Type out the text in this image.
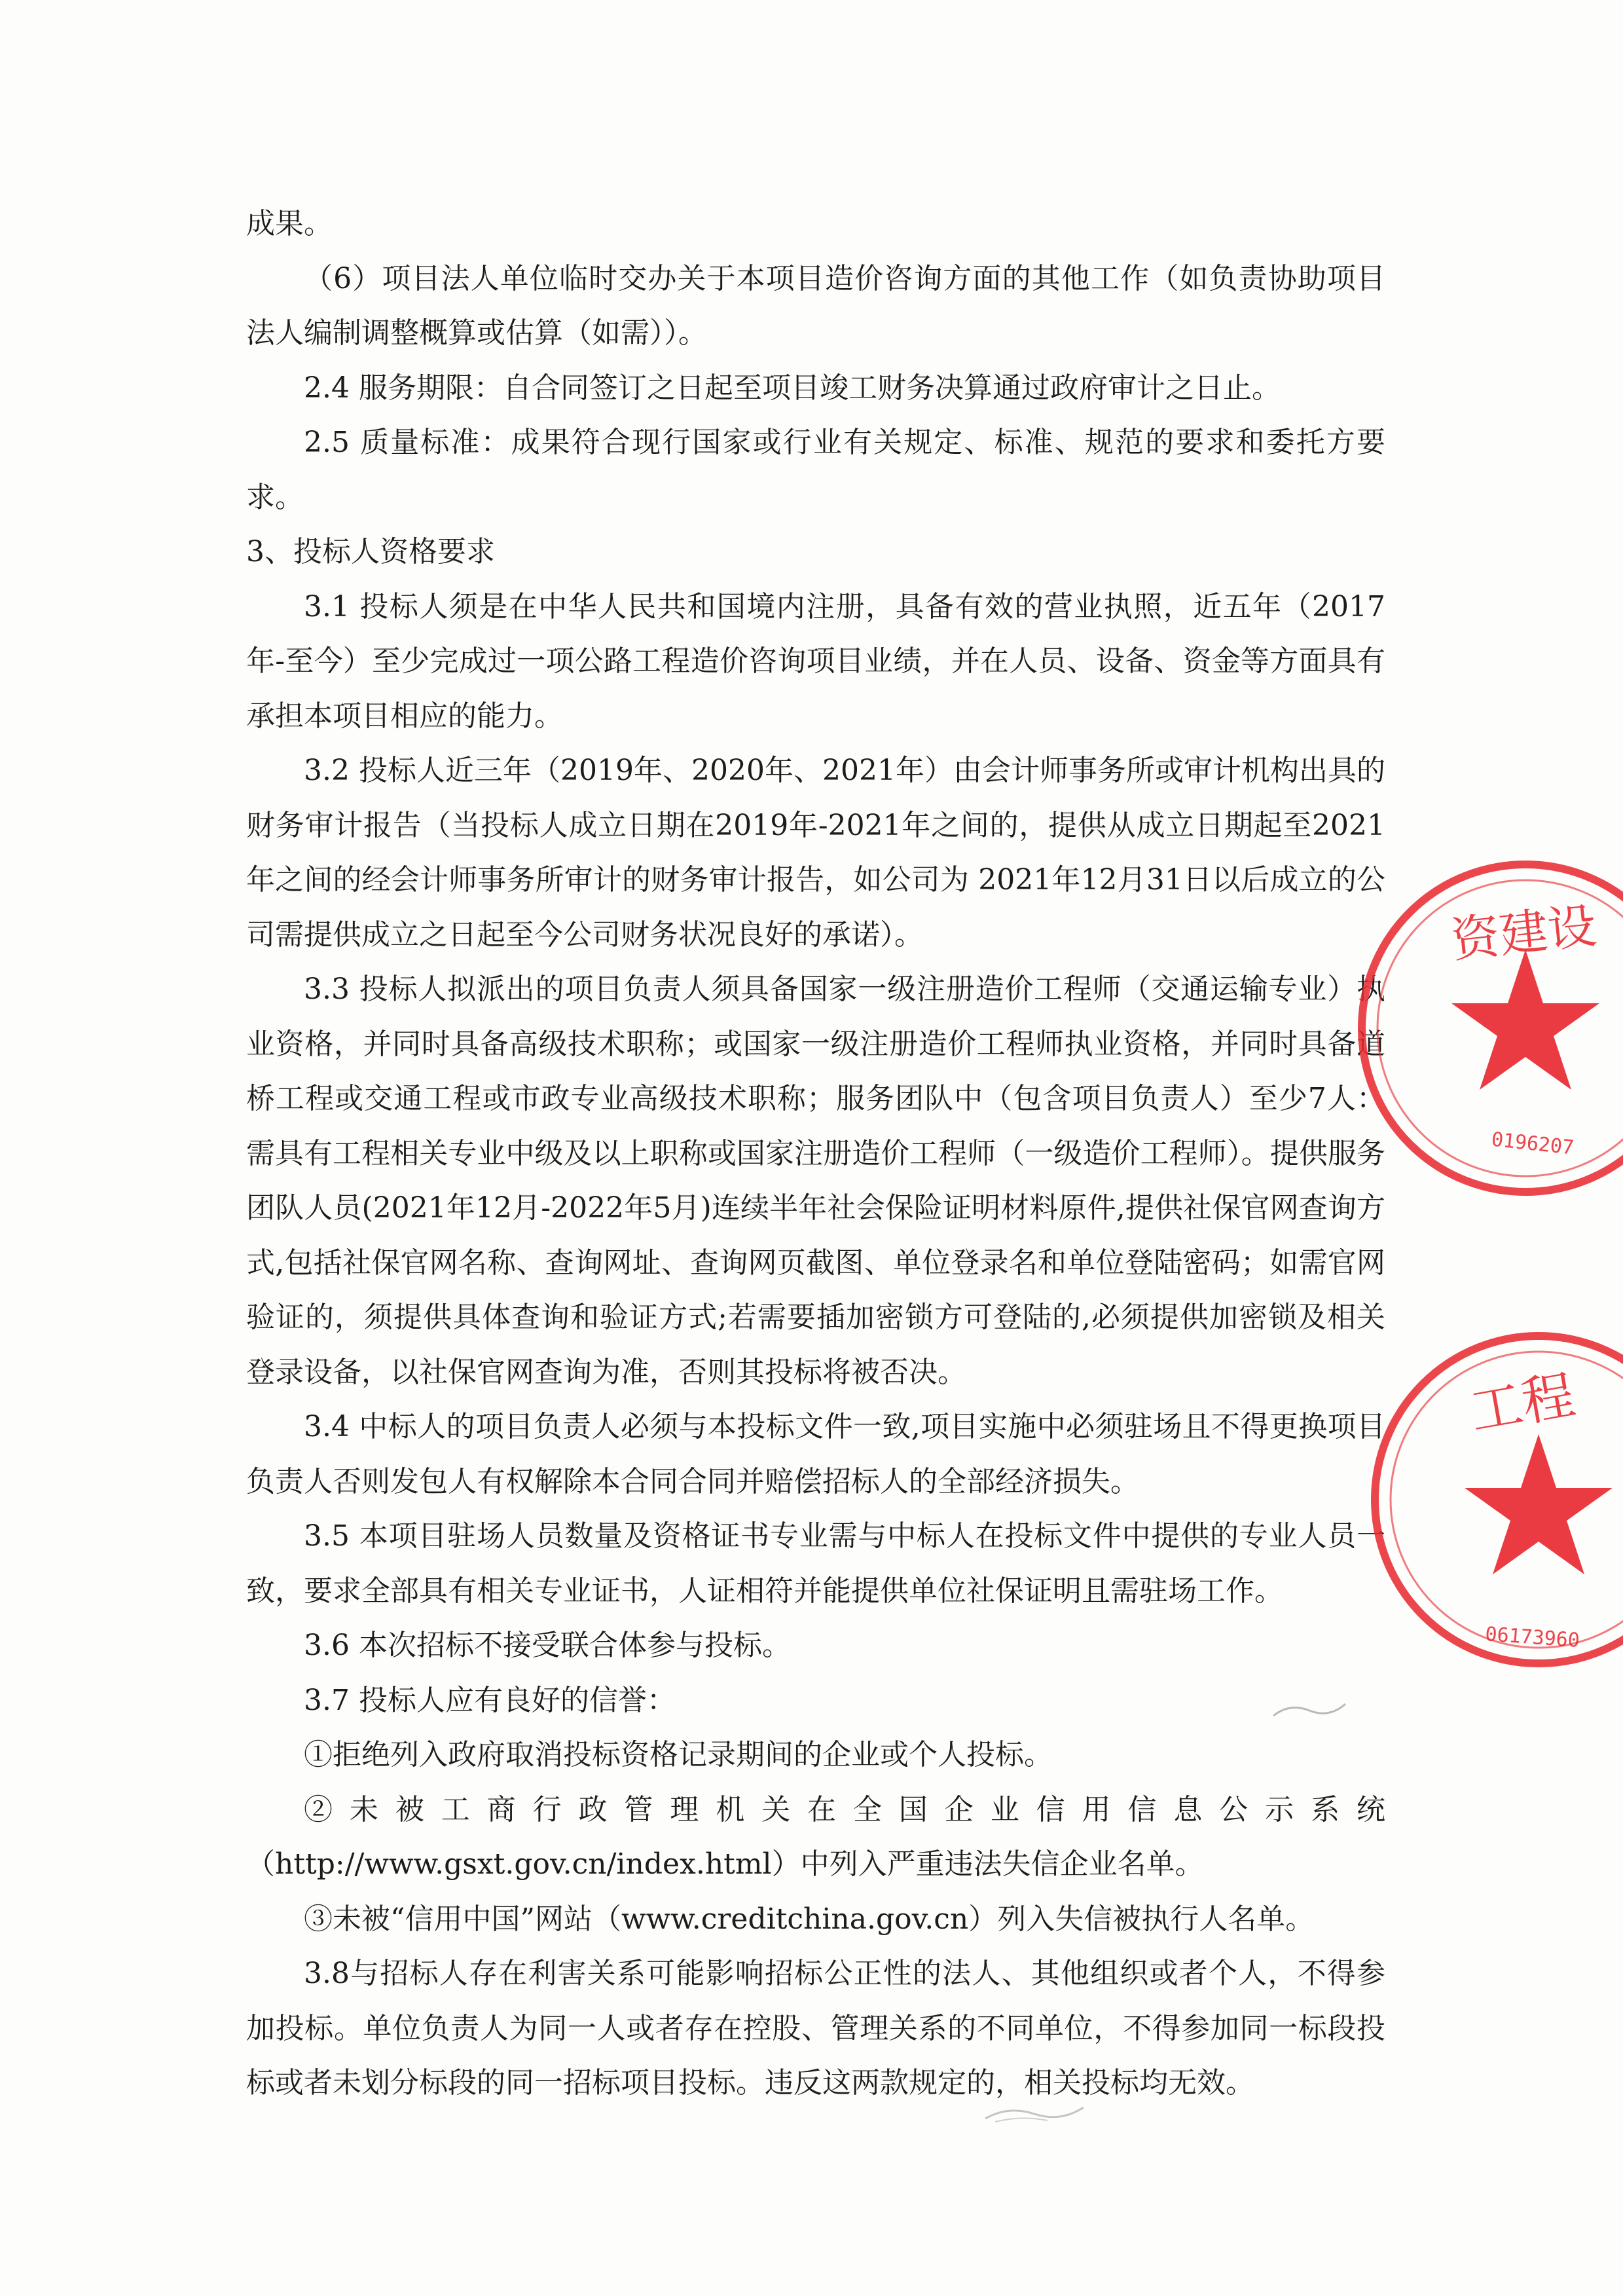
成果。

（6）项目法人单位临时交办关于本项目造价咨询方面的其他工作（如负责协助项目法人编制调整概算或估算（如需））。

2.4 服务期限：自合同签订之日起至项目竣工财务决算通过政府审计之日止。

2.5 质量标准：成果符合现行国家或行业有关规定、标准、规范的要求和委托方要求。

3、投标人资格要求

3.1 投标人须是在中华人民共和国境内注册，具备有效的营业执照，近五年（2017年-至今）至少完成过一项公路工程造价咨询项目业绩，并在人员、设备、资金等方面具有承担本项目相应的能力。

3.2 投标人近三年（2019年、2020年、2021年）由会计师事务所或审计机构出具的财务审计报告（当投标人成立日期在2019年-2021年之间的，提供从成立日期起至2021年之间的经会计师事务所审计的财务审计报告，如公司为 2021年12月31日以后成立的公司需提供成立之日起至今公司财务状况良好的承诺）。

3.3 投标人拟派出的项目负责人须具备国家一级注册造价工程师（交通运输专业）执业资格，并同时具备高级技术职称；或国家一级注册造价工程师执业资格，并同时具备道桥工程或交通工程或市政专业高级技术职称；服务团队中（包含项目负责人）至少7人：需具有工程相关专业中级及以上职称或国家注册造价工程师（一级造价工程师）。提供服务团队人员(2021年12月-2022年5月)连续半年社会保险证明材料原件,提供社保官网查询方式,包括社保官网名称、查询网址、查询网页截图、单位登录名和单位登陆密码；如需官网验证的，须提供具体查询和验证方式;若需要插加密锁方可登陆的,必须提供加密锁及相关登录设备，以社保官网查询为准，否则其投标将被否决。

3.4 中标人的项目负责人必须与本投标文件一致,项目实施中必须驻场且不得更换项目负责人否则发包人有权解除本合同合同并赔偿招标人的全部经济损失。

3.5 本项目驻场人员数量及资格证书专业需与中标人在投标文件中提供的专业人员一致，要求全部具有相关专业证书，人证相符并能提供单位社保证明且需驻场工作。

3.6 本次招标不接受联合体参与投标。

3.7 投标人应有良好的信誉：

①拒绝列入政府取消投标资格记录期间的企业或个人投标。

②未被工商行政管理机关在全国企业信用信息公示系统（http://www.gsxt.gov.cn/index.html）中列入严重违法失信企业名单。

③未被“信用中国”网站（www.creditchina.gov.cn）列入失信被执行人名单。

3.8与招标人存在利害关系可能影响招标公正性的法人、其他组织或者个人，不得参加投标。单位负责人为同一人或者存在控股、管理关系的不同单位，不得参加同一标段投标或者未划分标段的同一招标项目投标。违反这两款规定的，相关投标均无效。

资建设
0196207
工程
06173960
